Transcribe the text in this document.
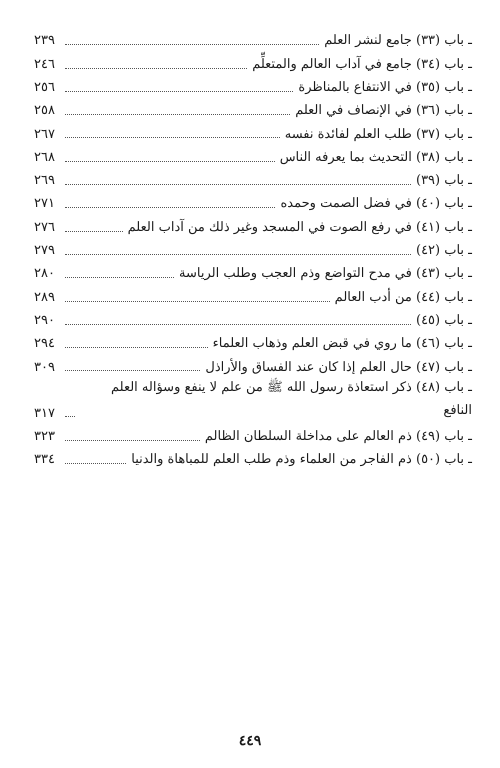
ـ باب (٣٣) جامع لنشر العلم
٢٣٩
ـ باب (٣٤) جامع في آداب العالم والمتعلِّم
٢٤٦
ـ باب (٣٥) في الانتفاع بالمناظرة
٢٥٦
ـ باب (٣٦) في الإنصاف في العلم
٢٥٨
ـ باب (٣٧) طلب العلم لفائدة نفسه
٢٦٧
ـ باب (٣٨) التحديث بما يعرفه الناس
٢٦٨
ـ باب (٣٩)
٢٦٩
ـ باب (٤٠) في فضل الصمت وحمده
٢٧١
ـ باب (٤١) في رفع الصوت في المسجد وغير ذلك من آداب العلم
٢٧٦
ـ باب (٤٢)
٢٧٩
ـ باب (٤٣) في مدح التواضع وذم العجب وطلب الرياسة
٢٨٠
ـ باب (٤٤) من أدب العالم
٢٨٩
ـ باب (٤٥)
٢٩٠
ـ باب (٤٦) ما روي في قبض العلم وذهاب العلماء
٢٩٤
ـ باب (٤٧) حال العلم إذا كان عند الفساق والأراذل
٣٠٩
ـ باب (٤٨) ذكر استعاذة رسول الله ﷺ من علم لا ينفع وسؤاله العلم النافع
٣١٧
ـ باب (٤٩) ذم العالم على مداخلة السلطان الظالم
٣٢٣
ـ باب (٥٠) ذم الفاجر من العلماء وذم طلب العلم للمباهاة والدنيا
٣٣٤
٤٤٩
